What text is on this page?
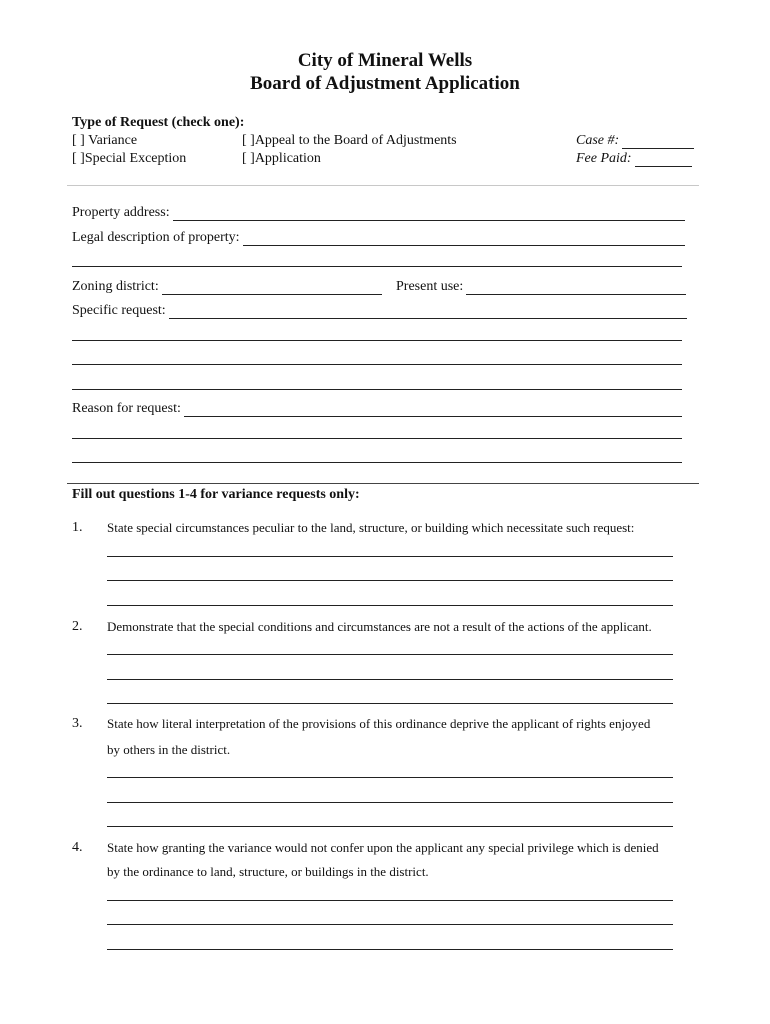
City of Mineral Wells
Board of Adjustment Application
Type of Request (check one):
[ ] Variance	[ ]Appeal to the Board of Adjustments
[ ]Special Exception	[ ]Application
Case #:
Fee Paid:
Property address:
Legal description of property:
Zoning district:	Present use:
Specific request:
Reason for request:
Fill out questions 1-4 for variance requests only:
1. State special circumstances peculiar to the land, structure, or building which necessitate such request:
2. Demonstrate that the special conditions and circumstances are not a result of the actions of the applicant.
3. State how literal interpretation of the provisions of this ordinance deprive the applicant of rights enjoyed
by others in the district.
4. State how granting the variance would not confer upon the applicant any special privilege which is denied
by the ordinance to land, structure, or buildings in the district.
